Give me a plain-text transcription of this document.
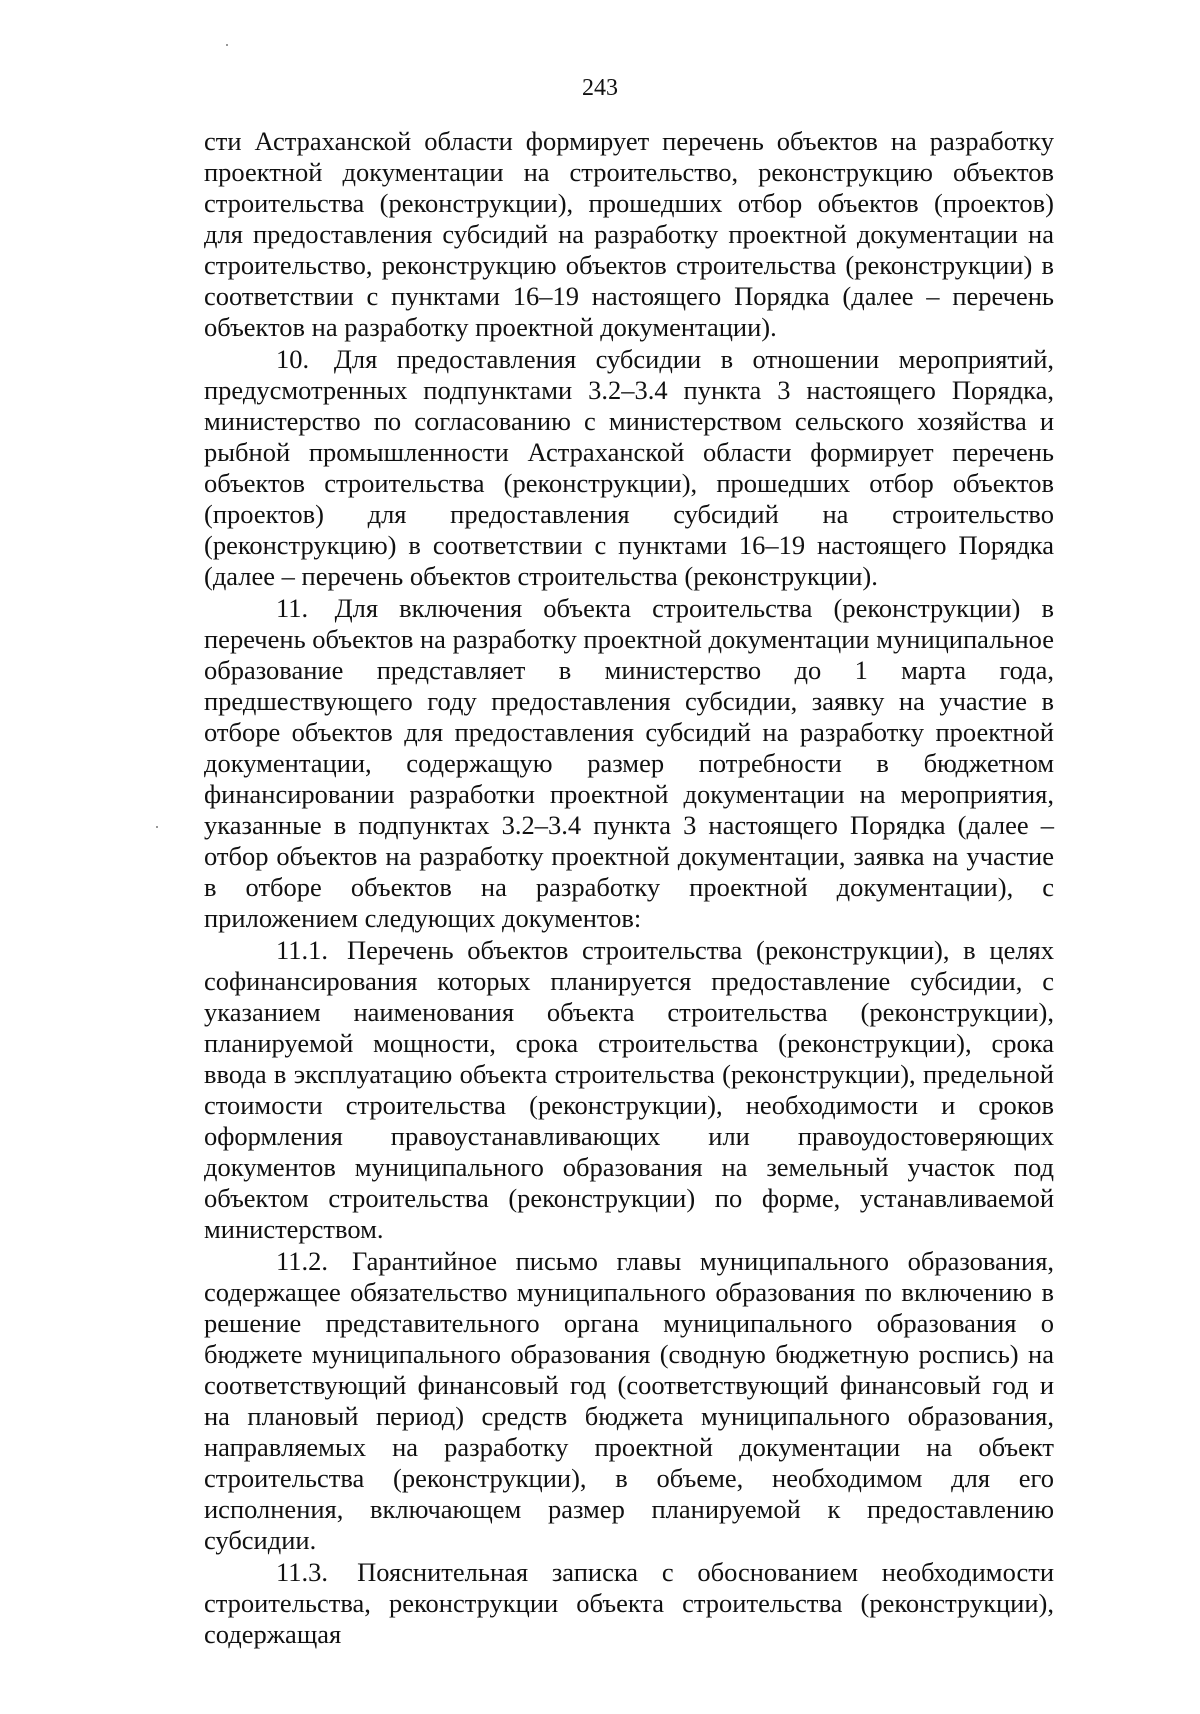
243

сти Астраханской области формирует перечень объектов на разработку проектной документации на строительство, реконструкцию объектов строительства (реконструкции), прошедших отбор объектов (проектов) для предоставления субсидий на разработку проектной документации на строительство, реконструкцию объектов строительства (реконструкции) в соответствии с пунктами 16–19 настоящего Порядка (далее – перечень объектов на разработку проектной документации).

10. Для предоставления субсидии в отношении мероприятий, предусмотренных подпунктами 3.2–3.4 пункта 3 настоящего Порядка, министерство по согласованию с министерством сельского хозяйства и рыбной промышленности Астраханской области формирует перечень объектов строительства (реконструкции), прошедших отбор объектов (проектов) для предоставления субсидий на строительство (реконструкцию) в соответствии с пунктами 16–19 настоящего Порядка (далее – перечень объектов строительства (реконструкции).

11. Для включения объекта строительства (реконструкции) в перечень объектов на разработку проектной документации муниципальное образование представляет в министерство до 1 марта года, предшествующего году предоставления субсидии, заявку на участие в отборе объектов для предоставления субсидий на разработку проектной документации, содержащую размер потребности в бюджетном финансировании разработки проектной документации на мероприятия, указанные в подпунктах 3.2–3.4 пункта 3 настоящего Порядка (далее – отбор объектов на разработку проектной документации, заявка на участие в отборе объектов на разработку проектной документации), с приложением следующих документов:

11.1. Перечень объектов строительства (реконструкции), в целях софинансирования которых планируется предоставление субсидии, с указанием наименования объекта строительства (реконструкции), планируемой мощности, срока строительства (реконструкции), срока ввода в эксплуатацию объекта строительства (реконструкции), предельной стоимости строительства (реконструкции), необходимости и сроков оформления правоустанавливающих или правоудостоверяющих документов муниципального образования на земельный участок под объектом строительства (реконструкции) по форме, устанавливаемой министерством.

11.2. Гарантийное письмо главы муниципального образования, содержащее обязательство муниципального образования по включению в решение представительного органа муниципального образования о бюджете муниципального образования (сводную бюджетную роспись) на соответствующий финансовый год (соответствующий финансовый год и на плановый период) средств бюджета муниципального образования, направляемых на разработку проектной документации на объект строительства (реконструкции), в объеме, необходимом для его исполнения, включающем размер планируемой к предоставлению субсидии.

11.3. Пояснительная записка с обоснованием необходимости строительства, реконструкции объекта строительства (реконструкции), содержащая
